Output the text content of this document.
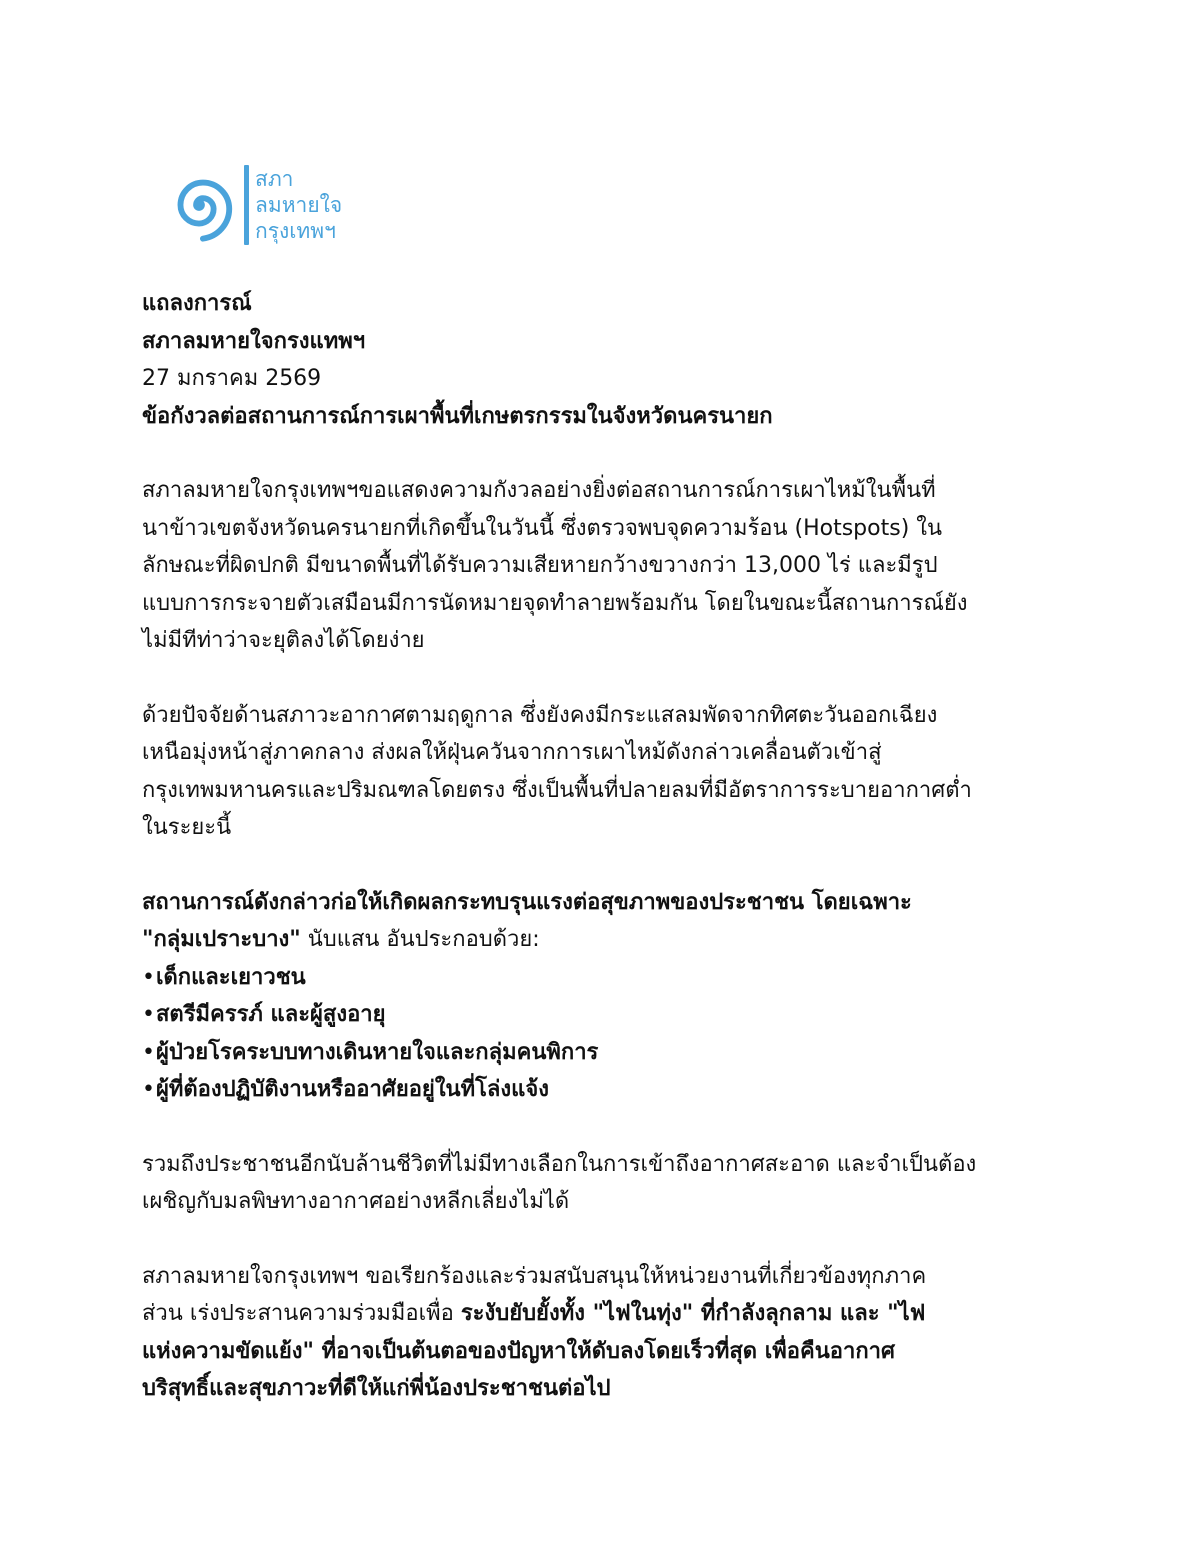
สภา
ลมหายใจ
กรุงเทพฯ
แถลงการณ์
สภาลมหายใจกรงแทพฯ
27 มกราคม 2569
ข้อกังวลต่อสถานการณ์การเผาพื้นที่เกษตรกรรมในจังหวัดนครนายก
สภาลมหายใจกรุงเทพฯขอแสดงความกังวลอย่างยิ่งต่อสถานการณ์การเผาไหม้ในพื้นที่
นาข้าวเขตจังหวัดนครนายกที่เกิดขึ้นในวันนี้ ซึ่งตรวจพบจุดความร้อน (Hotspots) ใน
ลักษณะที่ผิดปกติ มีขนาดพื้นที่ได้รับความเสียหายกว้างขวางกว่า 13,000 ไร่ และมีรูป
แบบการกระจายตัวเสมือนมีการนัดหมายจุดทำลายพร้อมกัน โดยในขณะนี้สถานการณ์ยัง
ไม่มีทีท่าว่าจะยุติลงได้โดยง่าย
ด้วยปัจจัยด้านสภาวะอากาศตามฤดูกาล ซึ่งยังคงมีกระแสลมพัดจากทิศตะวันออกเฉียง
เหนือมุ่งหน้าสู่ภาคกลาง ส่งผลให้ฝุ่นควันจากการเผาไหม้ดังกล่าวเคลื่อนตัวเข้าสู่
กรุงเทพมหานครและปริมณฑลโดยตรง ซึ่งเป็นพื้นที่ปลายลมที่มีอัตราการระบายอากาศต่ำ
ในระยะนี้
สถานการณ์ดังกล่าวก่อให้เกิดผลกระทบรุนแรงต่อสุขภาพของประชาชน โดยเฉพาะ
"กลุ่มเปราะบาง" นับแสน อันประกอบด้วย:
•เด็กและเยาวชน
•สตรีมีครรภ์ และผู้สูงอายุ
•ผู้ป่วยโรคระบบทางเดินหายใจและกลุ่มคนพิการ
•ผู้ที่ต้องปฏิบัติงานหรืออาศัยอยู่ในที่โล่งแจ้ง
รวมถึงประชาชนอีกนับล้านชีวิตที่ไม่มีทางเลือกในการเข้าถึงอากาศสะอาด และจำเป็นต้อง
เผชิญกับมลพิษทางอากาศอย่างหลีกเลี่ยงไม่ได้
สภาลมหายใจกรุงเทพฯ ขอเรียกร้องและร่วมสนับสนุนให้หน่วยงานที่เกี่ยวข้องทุกภาค
ส่วน เร่งประสานความร่วมมือเพื่อ ระงับยับยั้งทั้ง "ไฟในทุ่ง" ที่กำลังลุกลาม และ "ไฟ
แห่งความขัดแย้ง" ที่อาจเป็นต้นตอของปัญหาให้ดับลงโดยเร็วที่สุด เพื่อคืนอากาศ
บริสุทธิ์และสุขภาวะที่ดีให้แก่พี่น้องประชาชนต่อไป
